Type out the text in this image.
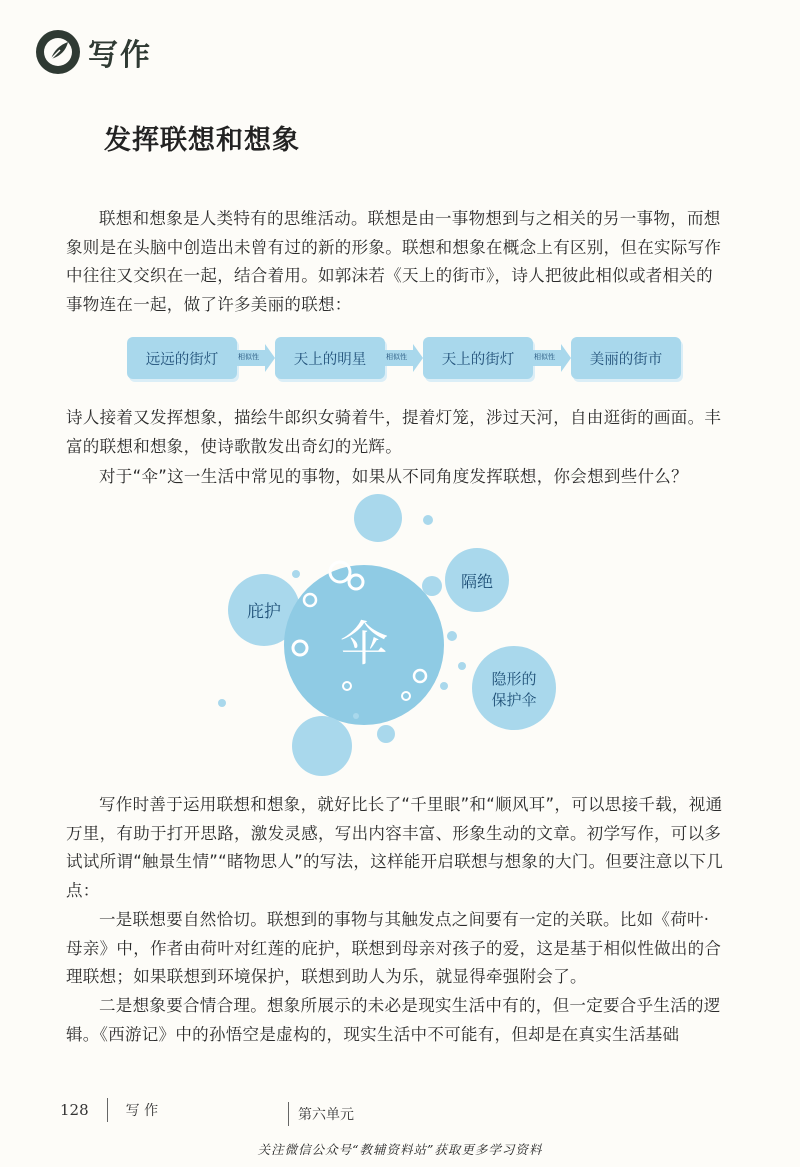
写作
发挥联想和想象

联想和想象是人类特有的思维活动。联想是由一事物想到与之相关的另一事物，而想象则是在头脑中创造出未曾有过的新的形象。联想和想象在概念上有区别，但在实际写作中往往又交织在一起，结合着用。如郭沫若《天上的街市》，诗人把彼此相似或者相关的事物连在一起，做了许多美丽的联想：

远远的街灯	相似性	天上的明星	相似性	天上的街灯	相似性	美丽的街市

诗人接着又发挥想象，描绘牛郎织女骑着牛，提着灯笼，涉过天河，自由逛街的画面。丰富的联想和想象，使诗歌散发出奇幻的光辉。

对于“伞”这一生活中常见的事物，如果从不同角度发挥联想，你会想到些什么？

伞
庇护
隔绝
隐形的
保护伞

写作时善于运用联想和想象，就好比长了“千里眼”和“顺风耳”，可以思接千载，视通万里，有助于打开思路，激发灵感，写出内容丰富、形象生动的文章。初学写作，可以多试试所谓“触景生情”“睹物思人”的写法，这样能开启联想与想象的大门。但要注意以下几点：

一是联想要自然恰切。联想到的事物与其触发点之间要有一定的关联。比如《荷叶·母亲》中，作者由荷叶对红莲的庇护，联想到母亲对孩子的爱，这是基于相似性做出的合理联想；如果联想到环境保护，联想到助人为乐，就显得牵强附会了。

二是想象要合情合理。想象所展示的未必是现实生活中有的，但一定要合乎生活的逻辑。《西游记》中的孙悟空是虚构的，现实生活中不可能有，但却是在真实生活基础

128	写 作	第六单元
关注微信公众号“教辅资料站”获取更多学习资料
